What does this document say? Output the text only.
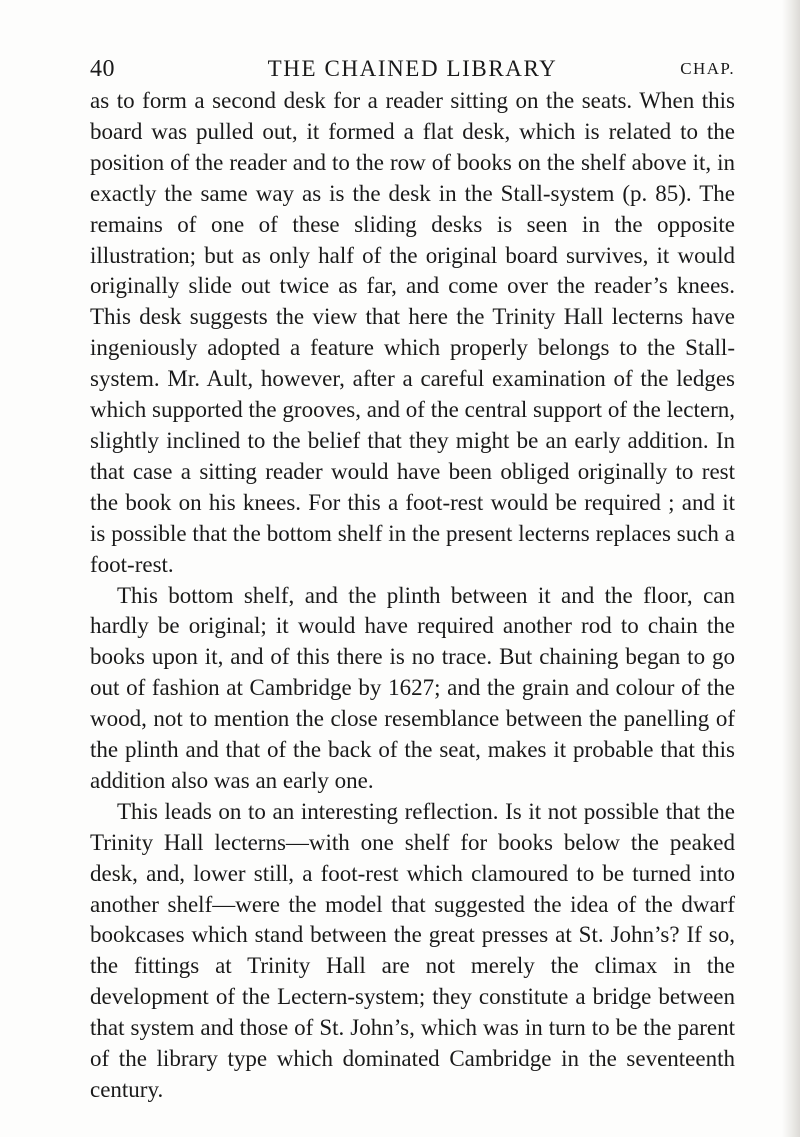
40	THE CHAINED LIBRARY	CHAP.

as to form a second desk for a reader sitting on the seats. When this board was pulled out, it formed a flat desk, which is related to the position of the reader and to the row of books on the shelf above it, in exactly the same way as is the desk in the Stall-system (p. 85). The remains of one of these sliding desks is seen in the opposite illustration; but as only half of the original board survives, it would originally slide out twice as far, and come over the reader’s knees. This desk suggests the view that here the Trinity Hall lecterns have ingeniously adopted a feature which properly belongs to the Stall-system. Mr. Ault, however, after a careful examination of the ledges which supported the grooves, and of the central support of the lectern, slightly inclined to the belief that they might be an early addition. In that case a sitting reader would have been obliged originally to rest the book on his knees. For this a foot-rest would be required ; and it is possible that the bottom shelf in the present lecterns replaces such a foot-rest.

This bottom shelf, and the plinth between it and the floor, can hardly be original; it would have required another rod to chain the books upon it, and of this there is no trace. But chaining began to go out of fashion at Cambridge by 1627; and the grain and colour of the wood, not to mention the close resemblance between the panelling of the plinth and that of the back of the seat, makes it probable that this addition also was an early one.

This leads on to an interesting reflection. Is it not possible that the Trinity Hall lecterns—with one shelf for books below the peaked desk, and, lower still, a foot-rest which clamoured to be turned into another shelf—were the model that suggested the idea of the dwarf bookcases which stand between the great presses at St. John’s? If so, the fittings at Trinity Hall are not merely the climax in the development of the Lectern-system; they constitute a bridge between that system and those of St. John’s, which was in turn to be the parent of the library type which dominated Cambridge in the seventeenth century.
